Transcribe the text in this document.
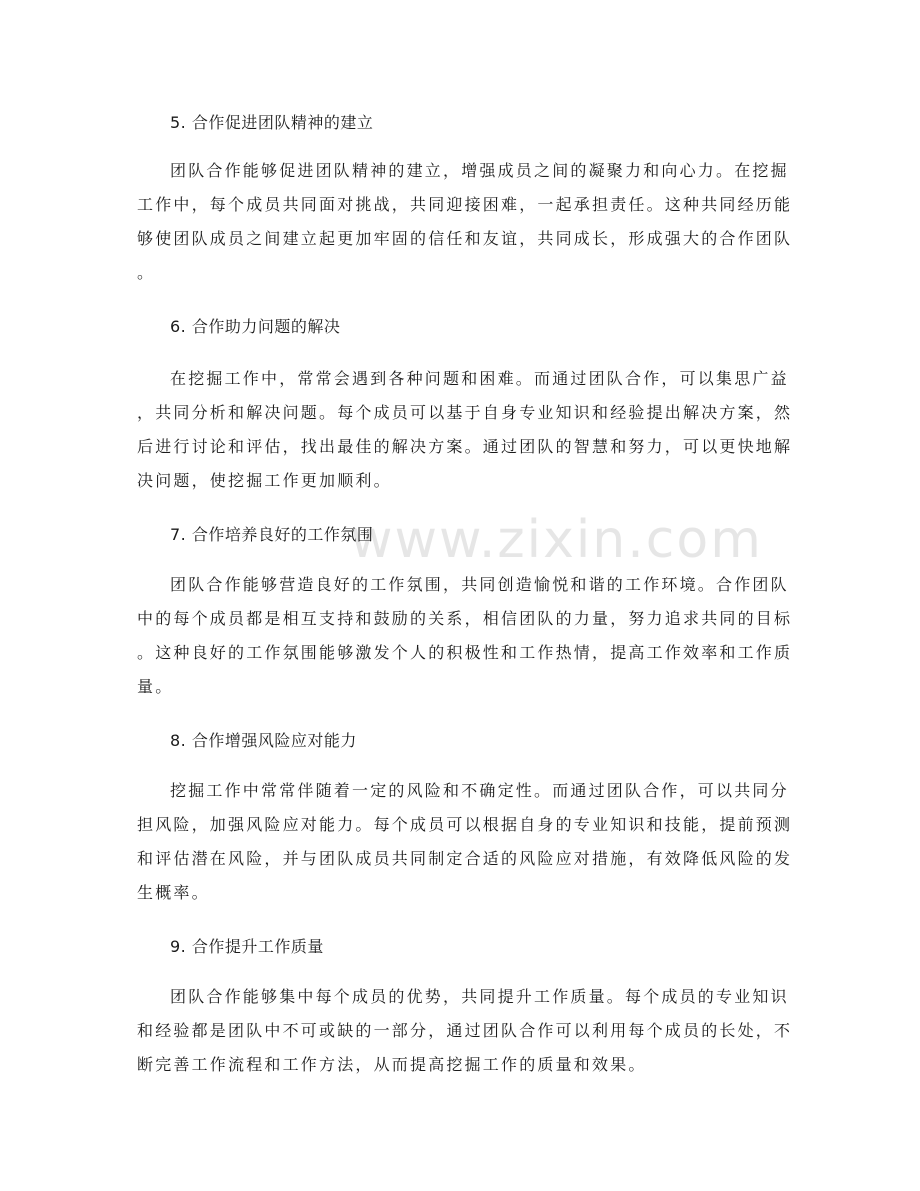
www.zixin.com
5. 合作促进团队精神的建立
团队合作能够促进团队精神的建立，增强成员之间的凝聚力和向心力。在挖掘
工作中，每个成员共同面对挑战，共同迎接困难，一起承担责任。这种共同经历能
够使团队成员之间建立起更加牢固的信任和友谊，共同成长，形成强大的合作团队
。
6. 合作助力问题的解决
在挖掘工作中，常常会遇到各种问题和困难。而通过团队合作，可以集思广益
，共同分析和解决问题。每个成员可以基于自身专业知识和经验提出解决方案，然
后进行讨论和评估，找出最佳的解决方案。通过团队的智慧和努力，可以更快地解
决问题，使挖掘工作更加顺利。
7. 合作培养良好的工作氛围
团队合作能够营造良好的工作氛围，共同创造愉悦和谐的工作环境。合作团队
中的每个成员都是相互支持和鼓励的关系，相信团队的力量，努力追求共同的目标
。这种良好的工作氛围能够激发个人的积极性和工作热情，提高工作效率和工作质
量。
8. 合作增强风险应对能力
挖掘工作中常常伴随着一定的风险和不确定性。而通过团队合作，可以共同分
担风险，加强风险应对能力。每个成员可以根据自身的专业知识和技能，提前预测
和评估潜在风险，并与团队成员共同制定合适的风险应对措施，有效降低风险的发
生概率。
9. 合作提升工作质量
团队合作能够集中每个成员的优势，共同提升工作质量。每个成员的专业知识
和经验都是团队中不可或缺的一部分，通过团队合作可以利用每个成员的长处，不
断完善工作流程和工作方法，从而提高挖掘工作的质量和效果。
